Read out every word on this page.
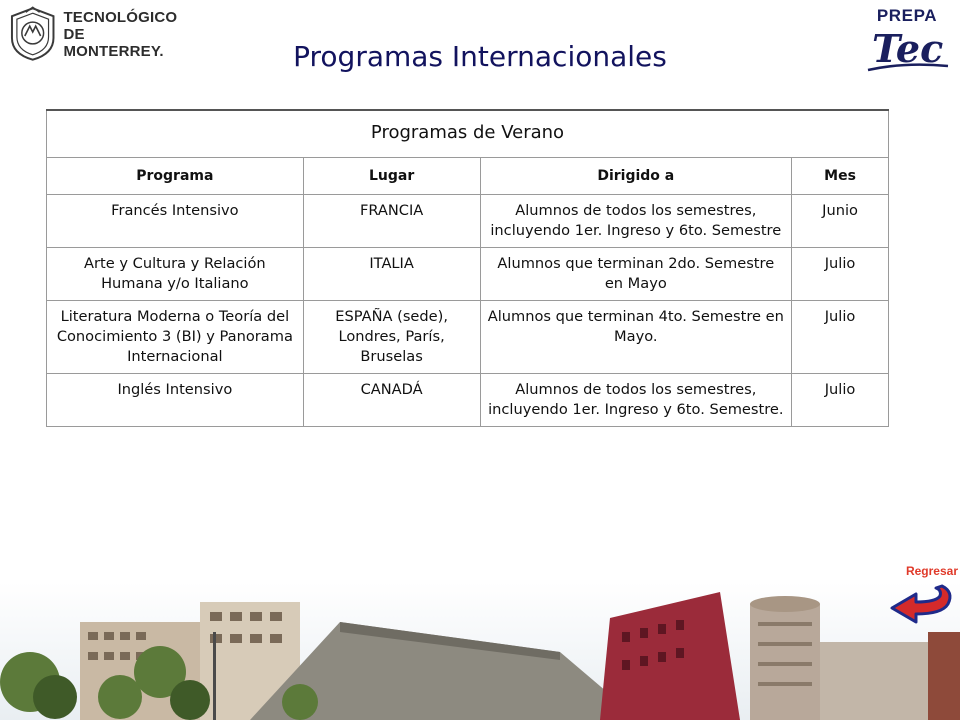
TECNOLÓGICO
DE MONTERREY.
PREPA
Tec
Programas Internacionales
Programas de Verano			
Programa	Lugar	Dirigido a	Mes
Francés Intensivo	FRANCIA	Alumnos de todos los semestres, incluyendo 1er. Ingreso y 6to. Semestre	Junio
Arte y Cultura y Relación Humana y/o Italiano	ITALIA	Alumnos que terminan 2do. Semestre en Mayo	Julio
Literatura Moderna o Teoría del Conocimiento 3 (BI) y Panorama Internacional	ESPAÑA (sede), Londres, París, Bruselas	Alumnos que terminan 4to. Semestre en Mayo.	Julio
Inglés Intensivo	CANADÁ	Alumnos de todos los semestres, incluyendo 1er. Ingreso y 6to. Semestre.	Julio
Regresar
